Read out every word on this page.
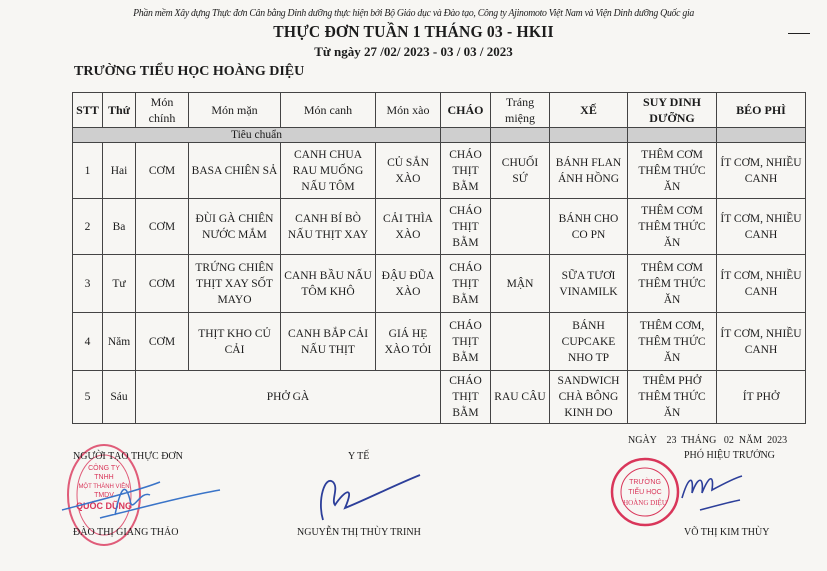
Phần mềm Xây dựng Thực đơn Cân bằng Dinh dưỡng thực hiện bởi Bộ Giáo dục và Đào tạo, Công ty Ajinomoto Việt Nam và Viện Dinh dưỡng Quốc gia
THỰC ĐƠN TUẦN 1 THÁNG 03 - HKII
Từ ngày 27 /02/ 2023 - 03 / 03 / 2023
TRƯỜNG TIỂU HỌC HOÀNG DIỆU
STT	Thứ	Món chính	Món mặn	Món canh	Món xào	CHÁO	Tráng miệng	XẾ	SUY DINH DƯỠNG	BÉO PHÌ
Tiêu chuẩn										
1	Hai	CƠM	BASA CHIÊN SẢ	CANH CHUA RAU MUỐNG NẤU TÔM	CỦ SẮN XÀO	CHÁO THỊT BẰM	CHUỐI SỨ	BÁNH FLAN ÁNH HỒNG	THÊM CƠM THÊM THỨC ĂN	ÍT CƠM, NHIỀU CANH
2	Ba	CƠM	ĐÙI GÀ CHIÊN NƯỚC MẮM	CANH BÍ BÒ NẤU THỊT XAY	CẢI THÌA XÀO	CHÁO THỊT BẰM		BÁNH CHO CO PN	THÊM CƠM THÊM THỨC ĂN	ÍT CƠM, NHIỀU CANH
3	Tư	CƠM	TRỨNG CHIÊN THỊT XAY SỐT MAYO	CANH BẦU NẤU TÔM KHÔ	ĐẬU ĐŨA XÀO	CHÁO THỊT BẰM	MẬN	SỮA TƯƠI VINAMILK	THÊM CƠM THÊM THỨC ĂN	ÍT CƠM, NHIỀU CANH
4	Năm	CƠM	THỊT KHO CỦ CẢI	CANH BẮP CẢI NẤU THỊT	GIÁ HẸ XÀO TỎI	CHÁO THỊT BẰM		BÁNH CUPCAKE NHO TP	THÊM CƠM, THÊM THỨC ĂN	ÍT CƠM, NHIỀU CANH
5	Sáu	PHỞ GÀ				CHÁO THỊT BẰM	RAU CÂU	SANDWICH CHÀ BÔNG KINH DO	THÊM PHỞ THÊM THỨC ĂN	ÍT PHỞ
CÔNG TY
TNHH
MỘT THÀNH VIÊN
TMDV
QUỐC DŨNG
TRƯỜNG
TIỂU HỌC
HOÀNG DIỆU
NGƯỜI TẠO THỰC ĐƠN
ĐÀO THỊ GIANG THẢO
Y TẾ
NGUYỄN THỊ THÙY TRINH
NGÀY    23  THÁNG   02  NĂM  2023
PHÓ HIỆU TRƯỞNG
VÕ THỊ KIM THÙY
